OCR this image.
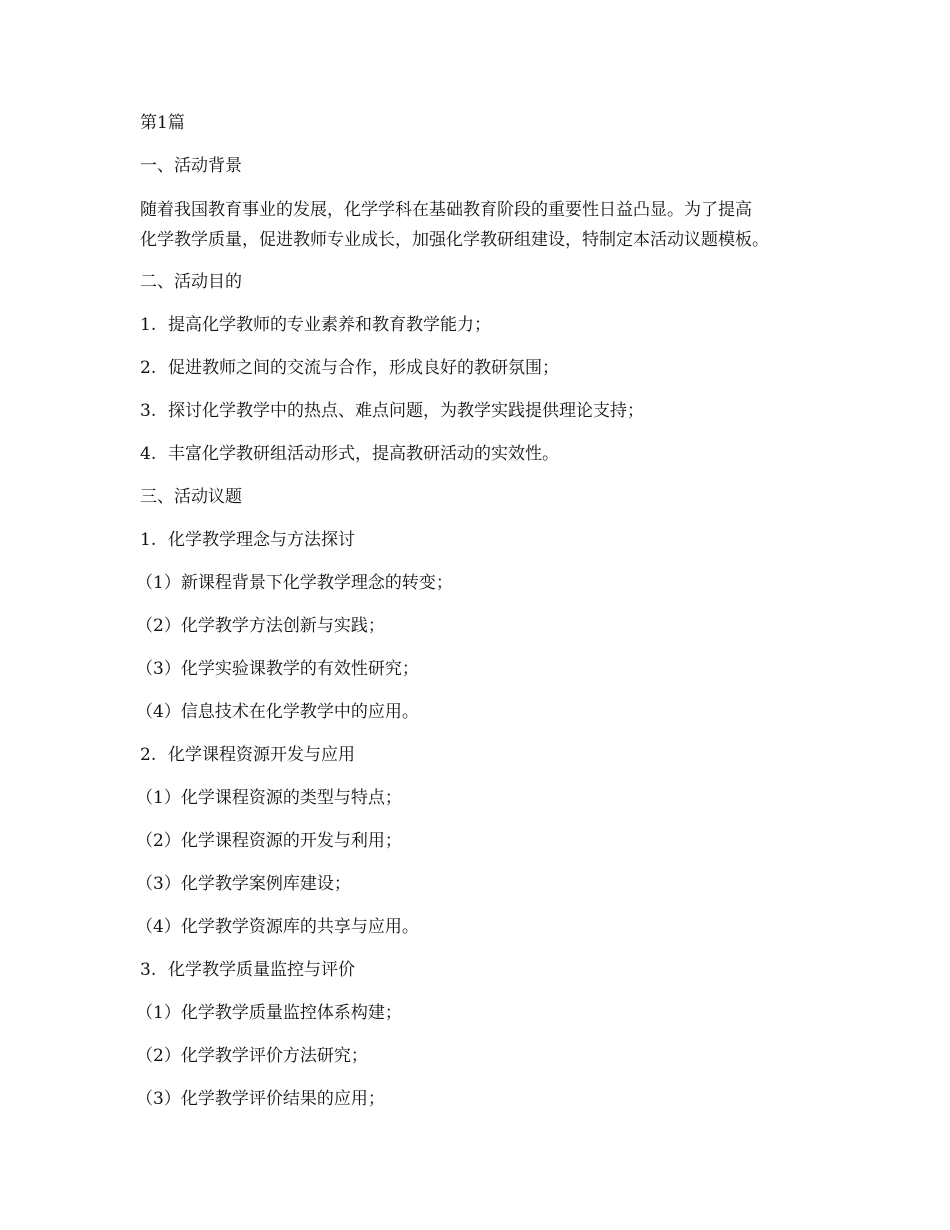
第1篇
一、活动背景
随着我国教育事业的发展，化学学科在基础教育阶段的重要性日益凸显。为了提高
化学教学质量，促进教师专业成长，加强化学教研组建设，特制定本活动议题模板。
二、活动目的
1. 提高化学教师的专业素养和教育教学能力；
2. 促进教师之间的交流与合作，形成良好的教研氛围；
3. 探讨化学教学中的热点、难点问题，为教学实践提供理论支持；
4. 丰富化学教研组活动形式，提高教研活动的实效性。
三、活动议题
1. 化学教学理念与方法探讨
（1）新课程背景下化学教学理念的转变；
（2）化学教学方法创新与实践；
（3）化学实验课教学的有效性研究；
（4）信息技术在化学教学中的应用。
2. 化学课程资源开发与应用
（1）化学课程资源的类型与特点；
（2）化学课程资源的开发与利用；
（3）化学教学案例库建设；
（4）化学教学资源库的共享与应用。
3. 化学教学质量监控与评价
（1）化学教学质量监控体系构建；
（2）化学教学评价方法研究；
（3）化学教学评价结果的应用；
